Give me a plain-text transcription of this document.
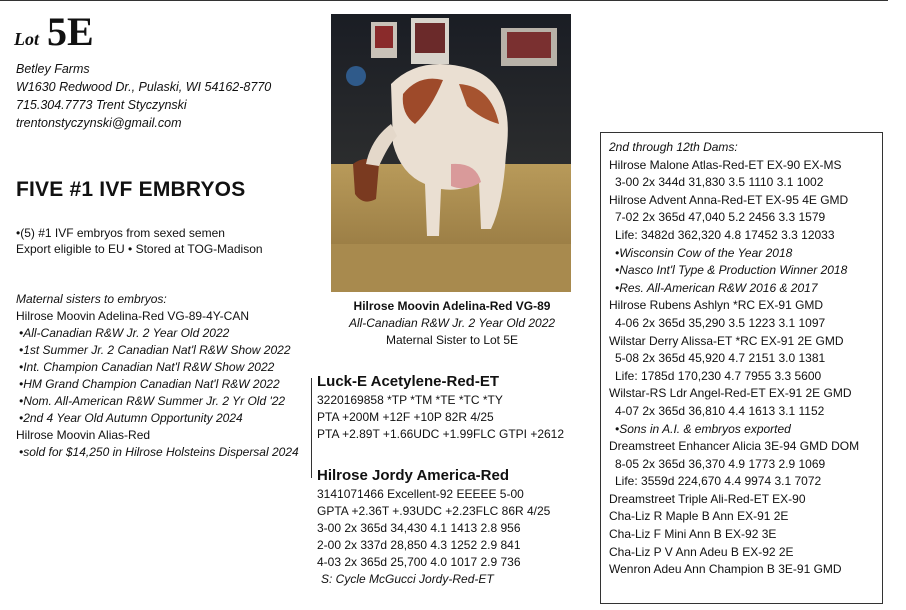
Lot 5E
Betley Farms
W1630 Redwood Dr., Pulaski, WI 54162-8770
715.304.7773 Trent Styczynski
trentonstyczynski@gmail.com
FIVE #1 IVF EMBRYOS
•(5) #1 IVF embryos from sexed semen
Export eligible to EU • Stored at TOG-Madison
Maternal sisters to embryos:
Hilrose Moovin Adelina-Red VG-89-4Y-CAN
•All-Canadian R&W Jr. 2 Year Old 2022
•1st Summer Jr. 2 Canadian Nat'l R&W Show 2022
•Int. Champion Canadian Nat'l R&W Show 2022
•HM Grand Champion Canadian Nat'l R&W 2022
•Nom. All-American R&W Summer Jr. 2 Yr Old '22
•2nd 4 Year Old Autumn Opportunity 2024
Hilrose Moovin Alias-Red
•sold for $14,250 in Hilrose Holsteins Dispersal 2024
Hilrose Moovin Adelina-Red VG-89
All-Canadian R&W Jr. 2 Year Old 2022
Maternal Sister to Lot 5E
Luck-E Acetylene-Red-ET
3220169858 *TP *TM *TE *TC *TY
PTA +200M +12F +10P 82R 4/25
PTA +2.89T +1.66UDC +1.99FLC GTPI +2612
Hilrose Jordy America-Red
3141071466 Excellent-92 EEEEE 5-00
GPTA +2.36T +.93UDC +2.23FLC 86R 4/25
3-00 2x 365d 34,430 4.1 1413 2.8 956
2-00 2x 337d 28,850 4.3 1252 2.9 841
4-03 2x 365d 25,700 4.0 1017 2.9 736
S: Cycle McGucci Jordy-Red-ET
2nd through 12th Dams:
Hilrose Malone Atlas-Red-ET EX-90 EX-MS
3-00 2x 344d 31,830 3.5 1110 3.1 1002
Hilrose Advent Anna-Red-ET EX-95 4E GMD
7-02 2x 365d 47,040 5.2 2456 3.3 1579
Life: 3482d 362,320 4.8 17452 3.3 12033
•Wisconsin Cow of the Year 2018
•Nasco Int'l Type & Production Winner 2018
•Res. All-American R&W 2016 & 2017
Hilrose Rubens Ashlyn *RC EX-91 GMD
4-06 2x 365d 35,290 3.5 1223 3.1 1097
Wilstar Derry Alissa-ET *RC EX-91 2E GMD
5-08 2x 365d 45,920 4.7 2151 3.0 1381
Life: 1785d 170,230 4.7 7955 3.3 5600
Wilstar-RS Ldr Angel-Red-ET EX-91 2E GMD
4-07 2x 365d 36,810 4.4 1613 3.1 1152
•Sons in A.I. & embryos exported
Dreamstreet Enhancer Alicia 3E-94 GMD DOM
8-05 2x 365d 36,370 4.9 1773 2.9 1069
Life: 3559d 224,670 4.4 9974 3.1 7072
Dreamstreet Triple Ali-Red-ET EX-90
Cha-Liz R Maple B Ann EX-91 2E
Cha-Liz F Mini Ann B EX-92 3E
Cha-Liz P V Ann Adeu B EX-92 2E
Wenron Adeu Ann Champion B 3E-91 GMD
